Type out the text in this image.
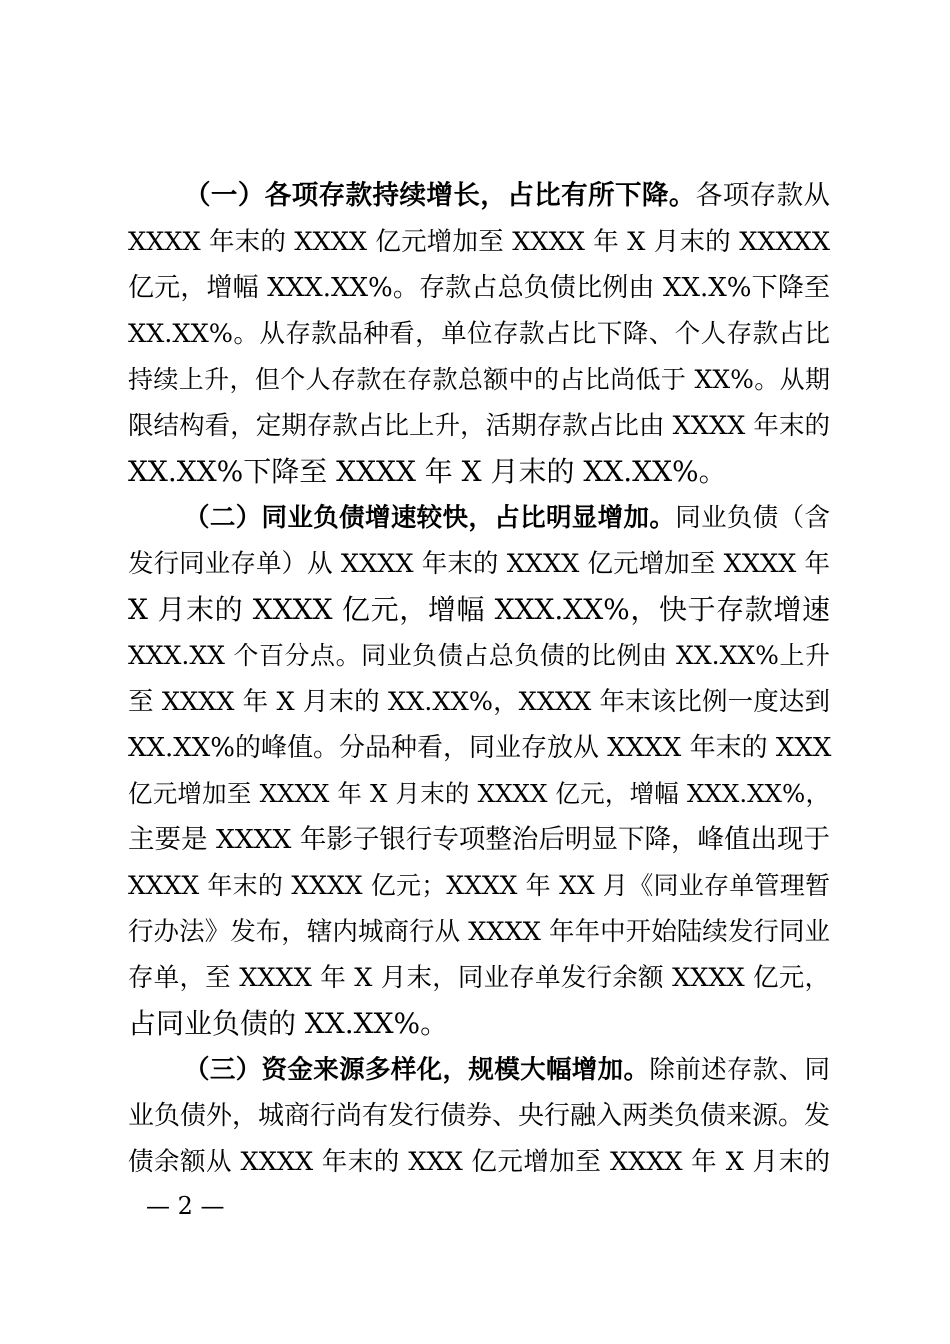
（一）各项存款持续增长，占比有所下降。各项存款从
XXXX 年末的 XXXX 亿元增加至 XXXX 年 X 月末的 XXXXX
亿元，增幅 XXX.XX%。存款占总负债比例由 XX.X%下降至
XX.XX%。从存款品种看，单位存款占比下降、个人存款占比
持续上升，但个人存款在存款总额中的占比尚低于 XX%。从期
限结构看，定期存款占比上升，活期存款占比由 XXXX 年末的
XX.XX%下降至 XXXX 年 X 月末的 XX.XX%。
（二）同业负债增速较快，占比明显增加。同业负债（含
发行同业存单）从 XXXX 年末的 XXXX 亿元增加至 XXXX 年
X 月末的 XXXX 亿元，增幅 XXX.XX%，快于存款增速
XXX.XX 个百分点。同业负债占总负债的比例由 XX.XX%上升
至 XXXX 年 X 月末的 XX.XX%，XXXX 年末该比例一度达到
XX.XX%的峰值。分品种看，同业存放从 XXXX 年末的 XXX
亿元增加至 XXXX 年 X 月末的 XXXX 亿元，增幅 XXX.XX%，
主要是 XXXX 年影子银行专项整治后明显下降，峰值出现于
XXXX 年末的 XXXX 亿元；XXXX 年 XX 月《同业存单管理暂
行办法》发布，辖内城商行从 XXXX 年年中开始陆续发行同业
存单，至 XXXX 年 X 月末，同业存单发行余额 XXXX 亿元，
占同业负债的 XX.XX%。
（三）资金来源多样化，规模大幅增加。除前述存款、同
业负债外，城商行尚有发行债券、央行融入两类负债来源。发
债余额从 XXXX 年末的 XXX 亿元增加至 XXXX 年 X 月末的
— 2 —
